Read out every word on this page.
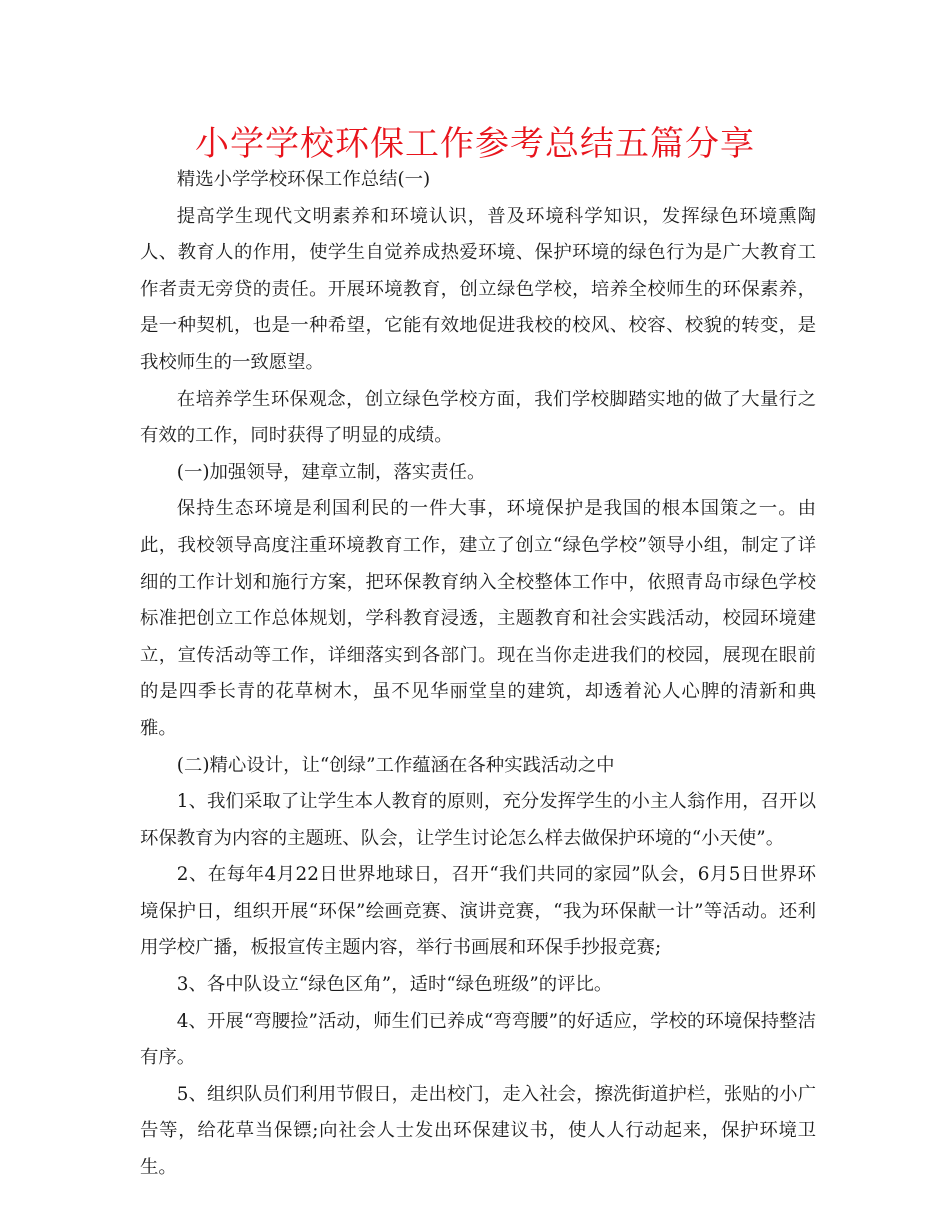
小学学校环保工作参考总结五篇分享

精选小学学校环保工作总结(一)

提高学生现代文明素养和环境认识，普及环境科学知识，发挥绿色环境熏陶人、教育人的作用，使学生自觉养成热爱环境、保护环境的绿色行为是广大教育工作者责无旁贷的责任。开展环境教育，创立绿色学校，培养全校师生的环保素养，是一种契机，也是一种希望，它能有效地促进我校的校风、校容、校貌的转变，是我校师生的一致愿望。

在培养学生环保观念，创立绿色学校方面，我们学校脚踏实地的做了大量行之有效的工作，同时获得了明显的成绩。

(一)加强领导，建章立制，落实责任。

保持生态环境是利国利民的一件大事，环境保护是我国的根本国策之一。由此，我校领导高度注重环境教育工作，建立了创立“绿色学校”领导小组，制定了详细的工作计划和施行方案，把环保教育纳入全校整体工作中，依照青岛市绿色学校标准把创立工作总体规划，学科教育浸透，主题教育和社会实践活动，校园环境建立，宣传活动等工作，详细落实到各部门。现在当你走进我们的校园，展现在眼前的是四季长青的花草树木，虽不见华丽堂皇的建筑，却透着沁人心脾的清新和典雅。

(二)精心设计，让“创绿”工作蕴涵在各种实践活动之中

1、我们采取了让学生本人教育的原则，充分发挥学生的小主人翁作用，召开以环保教育为内容的主题班、队会，让学生讨论怎么样去做保护环境的“小天使”。

2、在每年4月22日世界地球日，召开“我们共同的家园”队会，6月5日世界环境保护日，组织开展“环保”绘画竞赛、演讲竞赛，“我为环保献一计”等活动。还利用学校广播，板报宣传主题内容，举行书画展和环保手抄报竞赛;

3、各中队设立“绿色区角”，适时“绿色班级”的评比。

4、开展“弯腰捡”活动，师生们已养成“弯弯腰”的好适应，学校的环境保持整洁有序。

5、组织队员们利用节假日，走出校门，走入社会，擦洗街道护栏，张贴的小广告等，给花草当保镖;向社会人士发出环保建议书，使人人行动起来，保护环境卫生。
